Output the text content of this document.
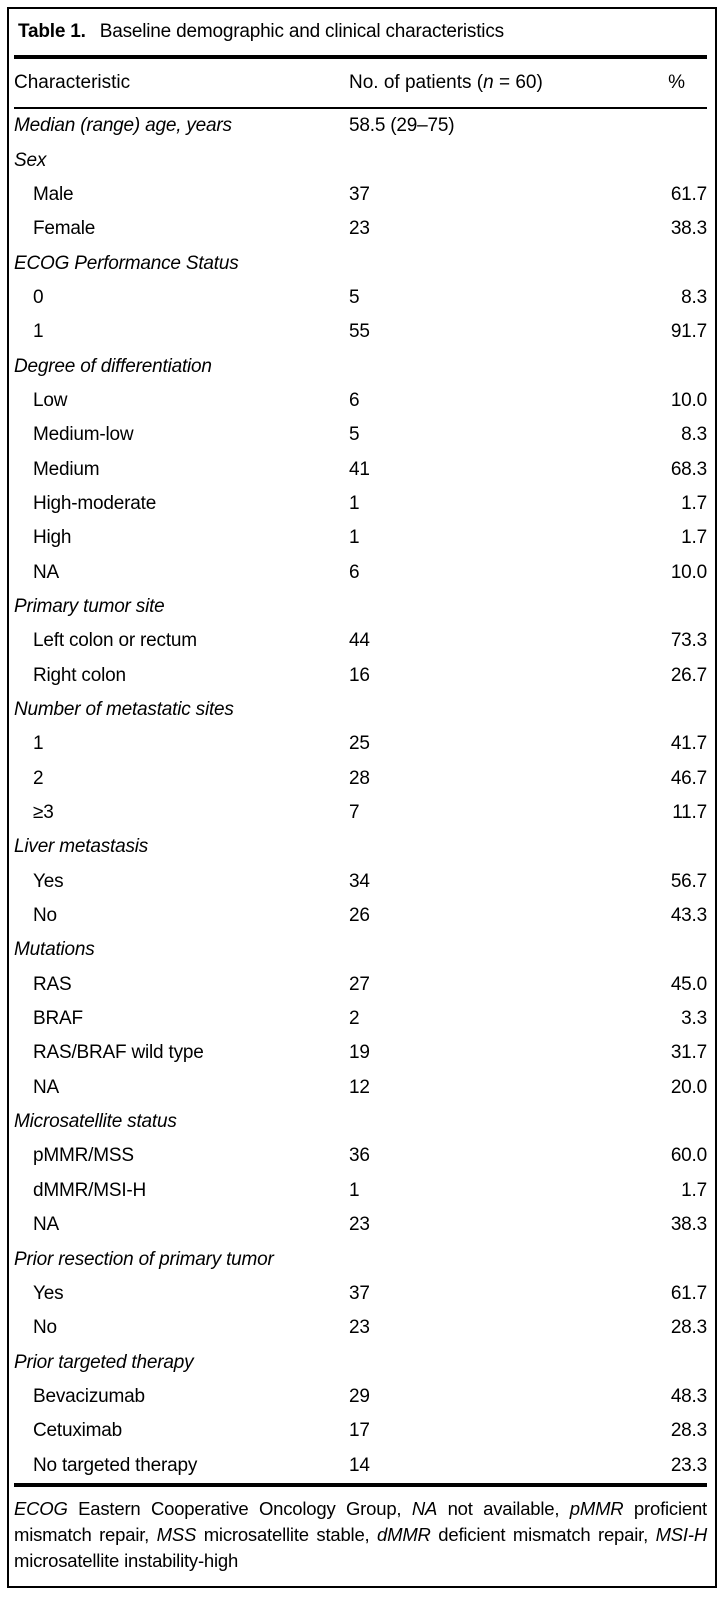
Table 1. Baseline demographic and clinical characteristics
Characteristic	No. of patients (n = 60)	%
Median (range) age, years	58.5 (29–75)
Sex
Male	37	61.7
Female	23	38.3
ECOG Performance Status
0	5	8.3
1	55	91.7
Degree of differentiation
Low	6	10.0
Medium-low	5	8.3
Medium	41	68.3
High-moderate	1	1.7
High	1	1.7
NA	6	10.0
Primary tumor site
Left colon or rectum	44	73.3
Right colon	16	26.7
Number of metastatic sites
1	25	41.7
2	28	46.7
≥3	7	11.7
Liver metastasis
Yes	34	56.7
No	26	43.3
Mutations
RAS	27	45.0
BRAF	2	3.3
RAS/BRAF wild type	19	31.7
NA	12	20.0
Microsatellite status
pMMR/MSS	36	60.0
dMMR/MSI-H	1	1.7
NA	23	38.3
Prior resection of primary tumor
Yes	37	61.7
No	23	28.3
Prior targeted therapy
Bevacizumab	29	48.3
Cetuximab	17	28.3
No targeted therapy	14	23.3

ECOG Eastern Cooperative Oncology Group, NA not available, pMMR proficient mismatch repair, MSS microsatellite stable, dMMR deficient mismatch repair, MSI-H microsatellite instability-high
